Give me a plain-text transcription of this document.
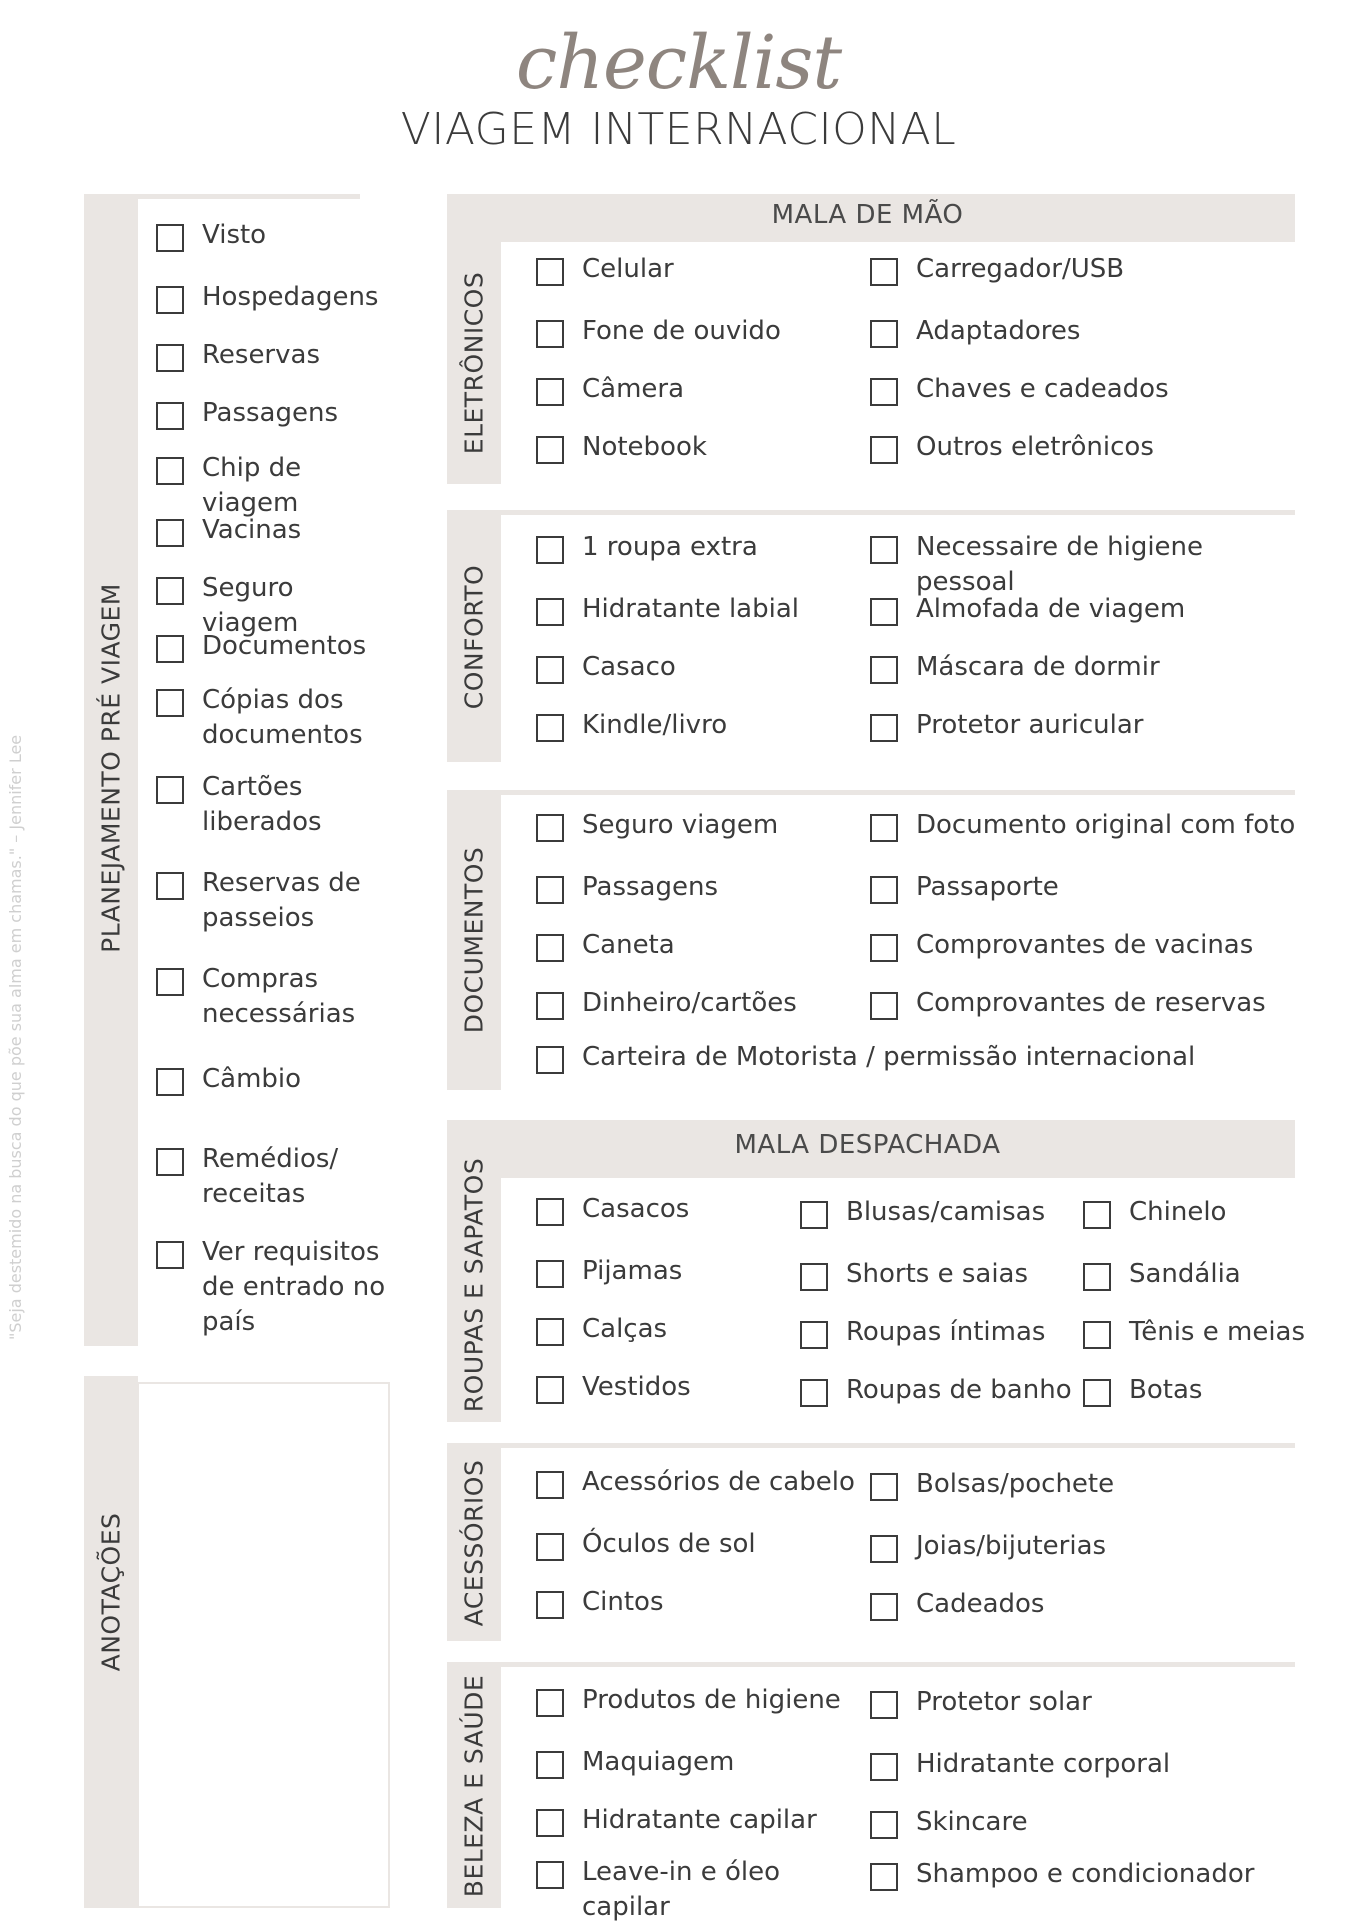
checklist
VIAGEM INTERNACIONAL
"Seja destemido na busca do que põe sua alma em chamas." – Jennifer Lee	PLANEJAMENTO PRÉ VIAGEM
Visto
Hospedagens
Reservas
Passagens
Chip de viagem
Vacinas
Seguro viagem
Documentos
Cópias dos documentos
Cartões liberados
Reservas de passeios
Compras necessárias
Câmbio
Remédios/ receitas
Ver requisitos de entrado no país
ANOTAÇÕES
MALA DE MÃO
ELETRÔNICOS
CONFORTO
DOCUMENTOS
MALA DESPACHADA
ROUPAS E SAPATOS
ACESSÓRIOS
BELEZA E SAÚDE
Celular
Fone de ouvido
Câmera
Notebook
Carregador/USB
Adaptadores
Chaves e cadeados
Outros eletrônicos
1 roupa extra
Hidratante labial
Casaco
Kindle/livro
Necessaire de higiene pessoal
Almofada de viagem
Máscara de dormir
Protetor auricular
Seguro viagem
Passagens
Caneta
Dinheiro/cartões
Documento original com foto
Passaporte
Comprovantes de vacinas
Comprovantes de reservas
Carteira de Motorista / permissão internacional
Casacos
Pijamas
Calças
Vestidos
Blusas/camisas
Shorts e saias
Roupas íntimas
Roupas de banho
Chinelo
Sandália
Tênis e meias
Botas
Acessórios de cabelo
Óculos de sol
Cintos
Bolsas/pochete
Joias/bijuterias
Cadeados
Produtos de higiene
Maquiagem
Hidratante capilar
Leave-in e óleo capilar
Protetor solar
Hidratante corporal
Skincare
Shampoo e condicionador
